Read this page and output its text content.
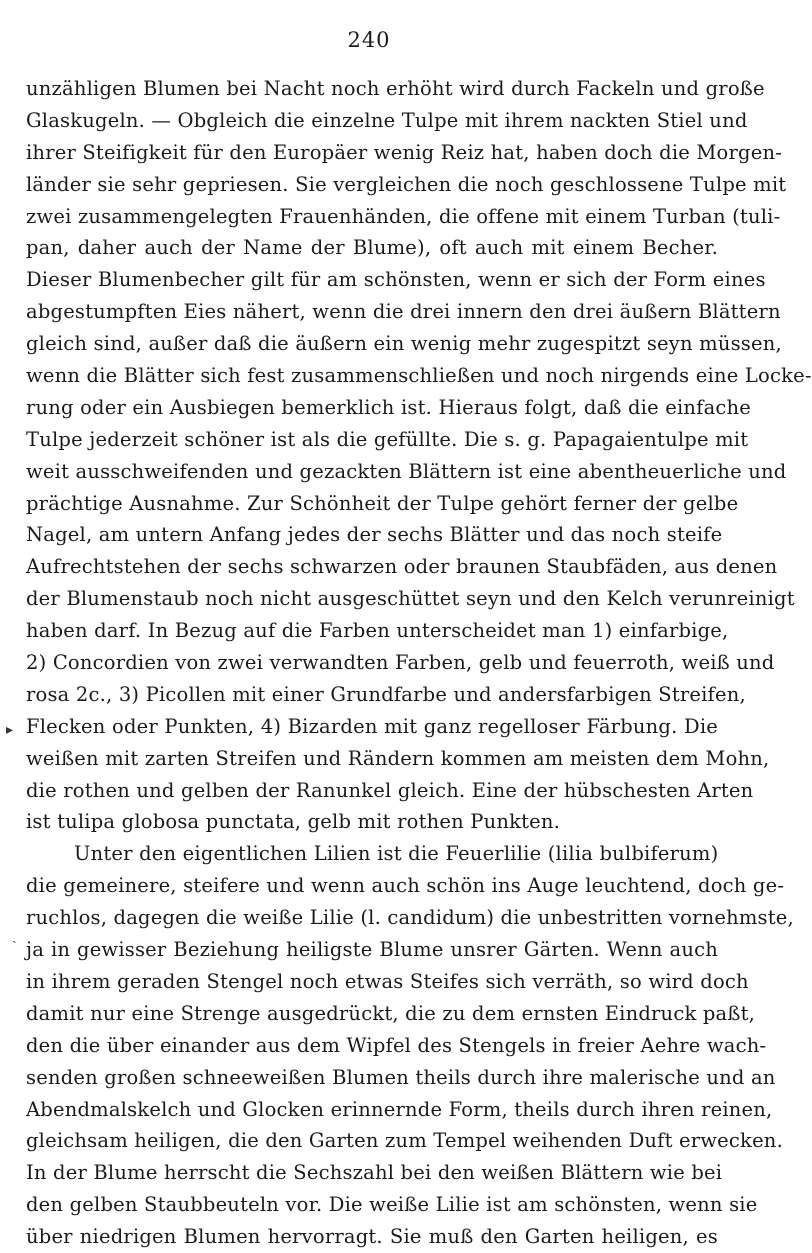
240
unzähligen Blumen bei Nacht noch erhöht wird durch Fackeln und große
Glaskugeln. — Obgleich die einzelne Tulpe mit ihrem nackten Stiel und
ihrer Steifigkeit für den Europäer wenig Reiz hat, haben doch die Morgen-
länder sie sehr gepriesen. Sie vergleichen die noch geschlossene Tulpe mit
zwei zusammengelegten Frauenhänden, die offene mit einem Turban (tuli-
pan, daher auch der Name der Blume), oft auch mit einem Becher.
Dieser Blumenbecher gilt für am schönsten, wenn er sich der Form eines
abgestumpften Eies nähert, wenn die drei innern den drei äußern Blättern
gleich sind, außer daß die äußern ein wenig mehr zugespitzt seyn müssen,
wenn die Blätter sich fest zusammenschließen und noch nirgends eine Locke-
rung oder ein Ausbiegen bemerklich ist. Hieraus folgt, daß die einfache
Tulpe jederzeit schöner ist als die gefüllte. Die s. g. Papagaientulpe mit
weit ausschweifenden und gezackten Blättern ist eine abentheuerliche und
prächtige Ausnahme. Zur Schönheit der Tulpe gehört ferner der gelbe
Nagel, am untern Anfang jedes der sechs Blätter und das noch steife
Aufrechtstehen der sechs schwarzen oder braunen Staubfäden, aus denen
der Blumenstaub noch nicht ausgeschüttet seyn und den Kelch verunreinigt
haben darf. In Bezug auf die Farben unterscheidet man 1) einfarbige,
2) Concordien von zwei verwandten Farben, gelb und feuerroth, weiß und
rosa 2c., 3) Picollen mit einer Grundfarbe und andersfarbigen Streifen,
Flecken oder Punkten, 4) Bizarden mit ganz regelloser Färbung. Die
weißen mit zarten Streifen und Rändern kommen am meisten dem Mohn,
die rothen und gelben der Ranunkel gleich. Eine der hübschesten Arten
ist tulipa globosa punctata, gelb mit rothen Punkten.
Unter den eigentlichen Lilien ist die Feuerlilie (lilia bulbiferum)
die gemeinere, steifere und wenn auch schön ins Auge leuchtend, doch ge-
ruchlos, dagegen die weiße Lilie (l. candidum) die unbestritten vornehmste,
ja in gewisser Beziehung heiligste Blume unsrer Gärten. Wenn auch
in ihrem geraden Stengel noch etwas Steifes sich verräth, so wird doch
damit nur eine Strenge ausgedrückt, die zu dem ernsten Eindruck paßt,
den die über einander aus dem Wipfel des Stengels in freier Aehre wach-
senden großen schneeweißen Blumen theils durch ihre malerische und an
Abendmalskelch und Glocken erinnernde Form, theils durch ihren reinen,
gleichsam heiligen, die den Garten zum Tempel weihenden Duft erwecken.
In der Blume herrscht die Sechszahl bei den weißen Blättern wie bei
den gelben Staubbeuteln vor. Die weiße Lilie ist am schönsten, wenn sie
über niedrigen Blumen hervorragt. Sie muß den Garten heiligen, es
▸
ˏ
